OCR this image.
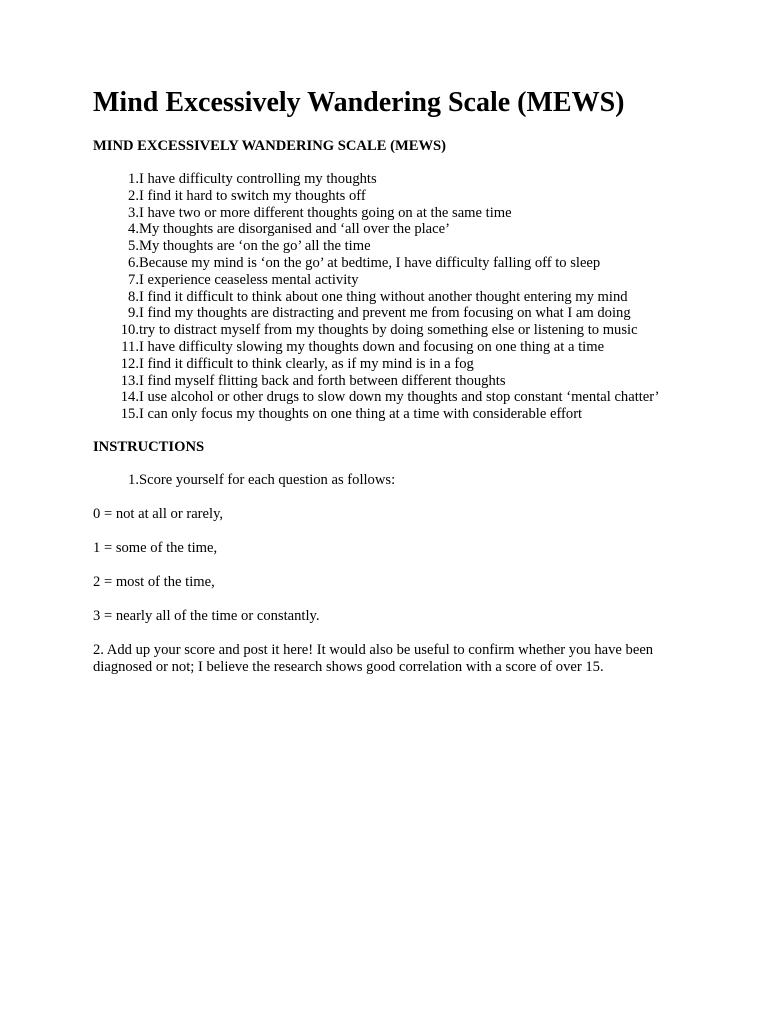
Mind Excessively Wandering Scale (MEWS)
MIND EXCESSIVELY WANDERING SCALE (MEWS)
1. I have difficulty controlling my thoughts
2. I find it hard to switch my thoughts off
3. I have two or more different thoughts going on at the same time
4. My thoughts are disorganised and ‘all over the place’
5. My thoughts are ‘on the go’ all the time
6. Because my mind is ‘on the go’ at bedtime, I have difficulty falling off to sleep
7. I experience ceaseless mental activity
8. I find it difficult to think about one thing without another thought entering my mind
9. I find my thoughts are distracting and prevent me from focusing on what I am doing
10. try to distract myself from my thoughts by doing something else or listening to music
11. I have difficulty slowing my thoughts down and focusing on one thing at a time
12. I find it difficult to think clearly, as if my mind is in a fog
13. I find myself flitting back and forth between different thoughts
14. I use alcohol or other drugs to slow down my thoughts and stop constant ‘mental chatter’
15. I can only focus my thoughts on one thing at a time with considerable effort
INSTRUCTIONS
1. Score yourself for each question as follows:
0 = not at all or rarely,
1 = some of the time,
2 = most of the time,
3 = nearly all of the time or constantly.
2. Add up your score and post it here! It would also be useful to confirm whether you have been diagnosed or not; I believe the research shows good correlation with a score of over 15.
